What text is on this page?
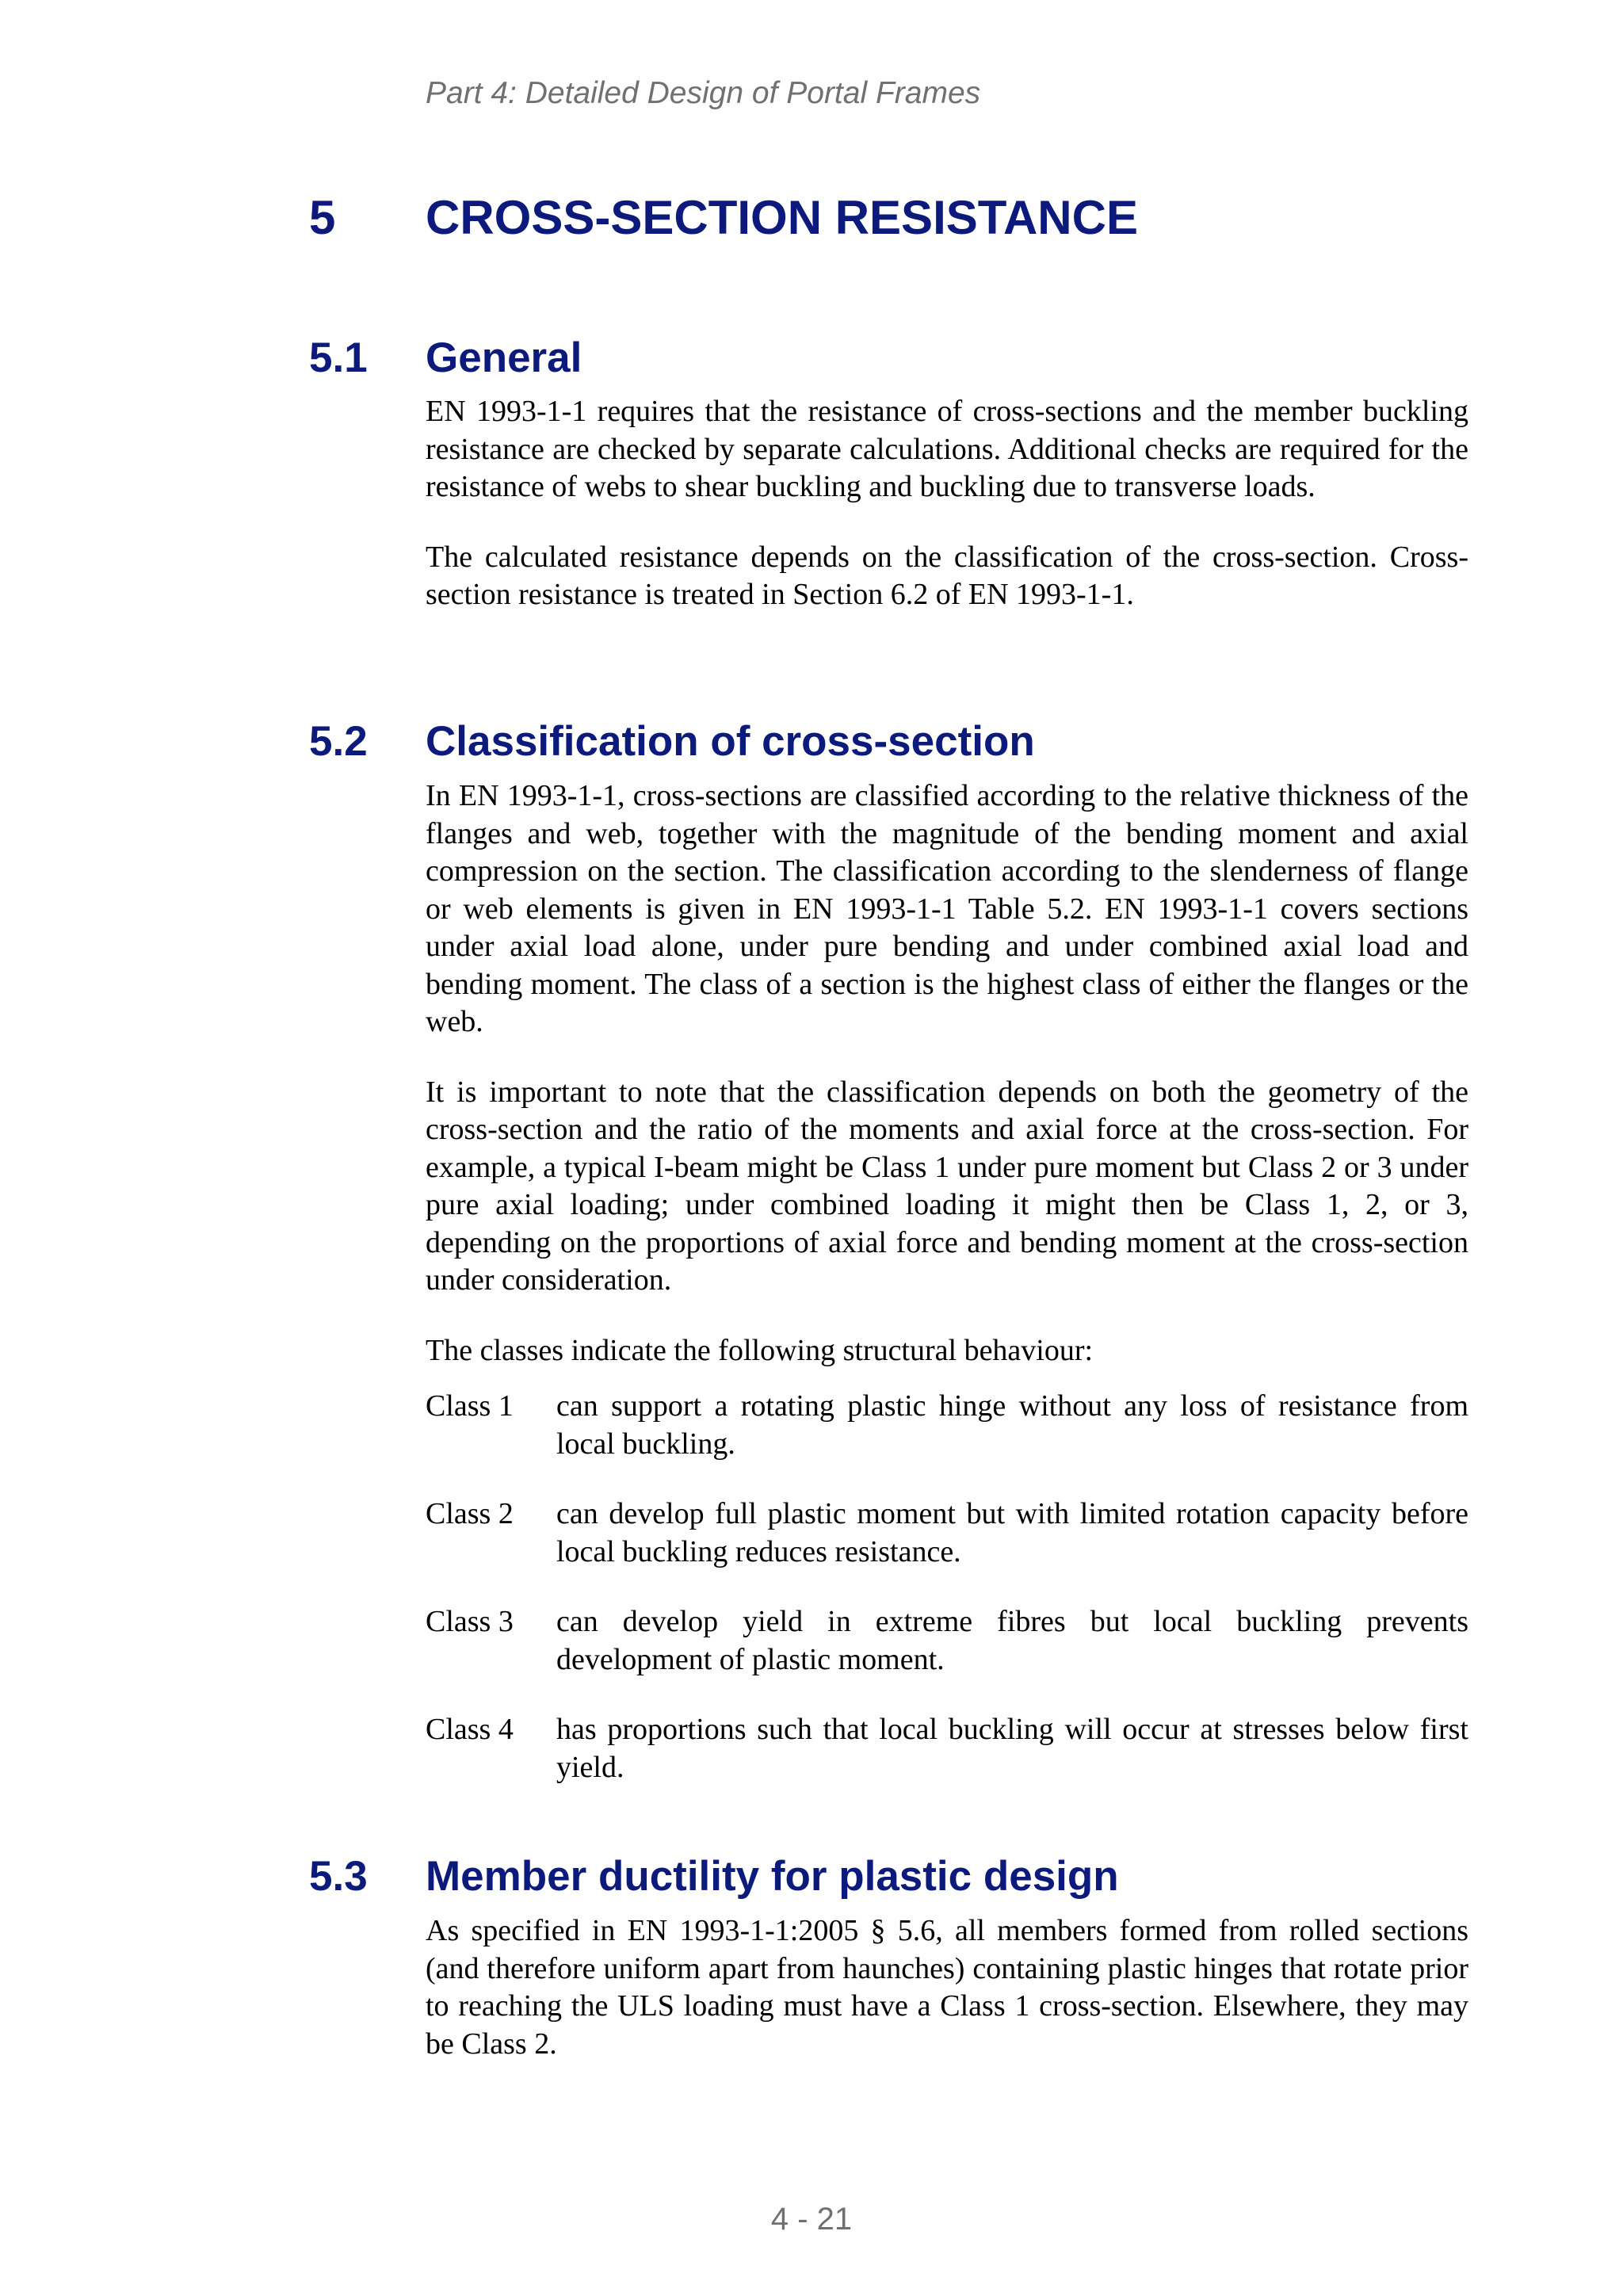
Part 4: Detailed Design of Portal Frames

5 CROSS-SECTION RESISTANCE
5.1 General

EN 1993-1-1 requires that the resistance of cross-sections and the member buckling resistance are checked by separate calculations. Additional checks are required for the resistance of webs to shear buckling and buckling due to transverse loads.

The calculated resistance depends on the classification of the cross-section. Cross-section resistance is treated in Section 6.2 of EN 1993-1-1.

5.2 Classification of cross-section

In EN 1993-1-1, cross-sections are classified according to the relative thickness of the flanges and web, together with the magnitude of the bending moment and axial compression on the section. The classification according to the slenderness of flange or web elements is given in EN 1993-1-1 Table 5.2. EN 1993-1-1 covers sections under axial load alone, under pure bending and under combined axial load and bending moment. The class of a section is the highest class of either the flanges or the web.

It is important to note that the classification depends on both the geometry of the cross-section and the ratio of the moments and axial force at the cross-section. For example, a typical I-beam might be Class 1 under pure moment but Class 2 or 3 under pure axial loading; under combined loading it might then be Class 1, 2, or 3, depending on the proportions of axial force and bending moment at the cross-section under consideration.

The classes indicate the following structural behaviour:

Class 1	can support a rotating plastic hinge without any loss of resistance from local buckling.
Class 2	can develop full plastic moment but with limited rotation capacity before local buckling reduces resistance.
Class 3	can develop yield in extreme fibres but local buckling prevents development of plastic moment.
Class 4	has proportions such that local buckling will occur at stresses below first yield.
5.3 Member ductility for plastic design

As specified in EN 1993-1-1:2005 § 5.6, all members formed from rolled sections (and therefore uniform apart from haunches) containing plastic hinges that rotate prior to reaching the ULS loading must have a Class 1 cross-section. Elsewhere, they may be Class 2.

4 - 21
